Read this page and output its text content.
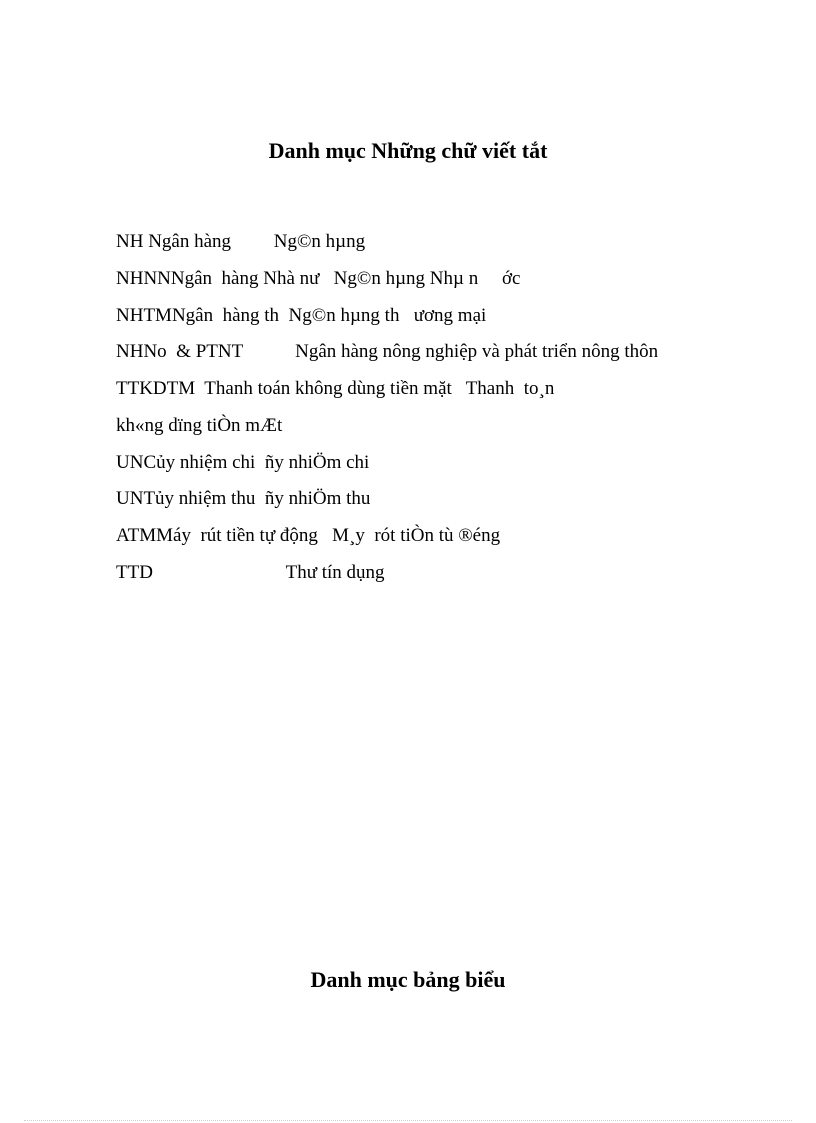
Danh mục Những chữ viết tắt
NH Ngân hàng         Ng©n hµng
NHNNNgân  hàng Nhà nư   Ng©n hµng Nhµ n     ớc
NHTMNgân  hàng th  Ng©n hµng th   ương mại
NHNo  & PTNT           Ngân hàng nông nghiệp và phát triển nông thôn
TTKDTM  Thanh toán không dùng tiền mặt   Thanh  to¸n
kh«ng dïng tiÒn mÆt
UNCủy nhiệm chi  ñy nhiÖm chi
UNTủy nhiệm thu  ñy nhiÖm thu
ATMMáy  rút tiền tự động   M¸y  rót tiÒn tù ®éng
TTD                            Thư tín dụng
Danh mục bảng biểu
